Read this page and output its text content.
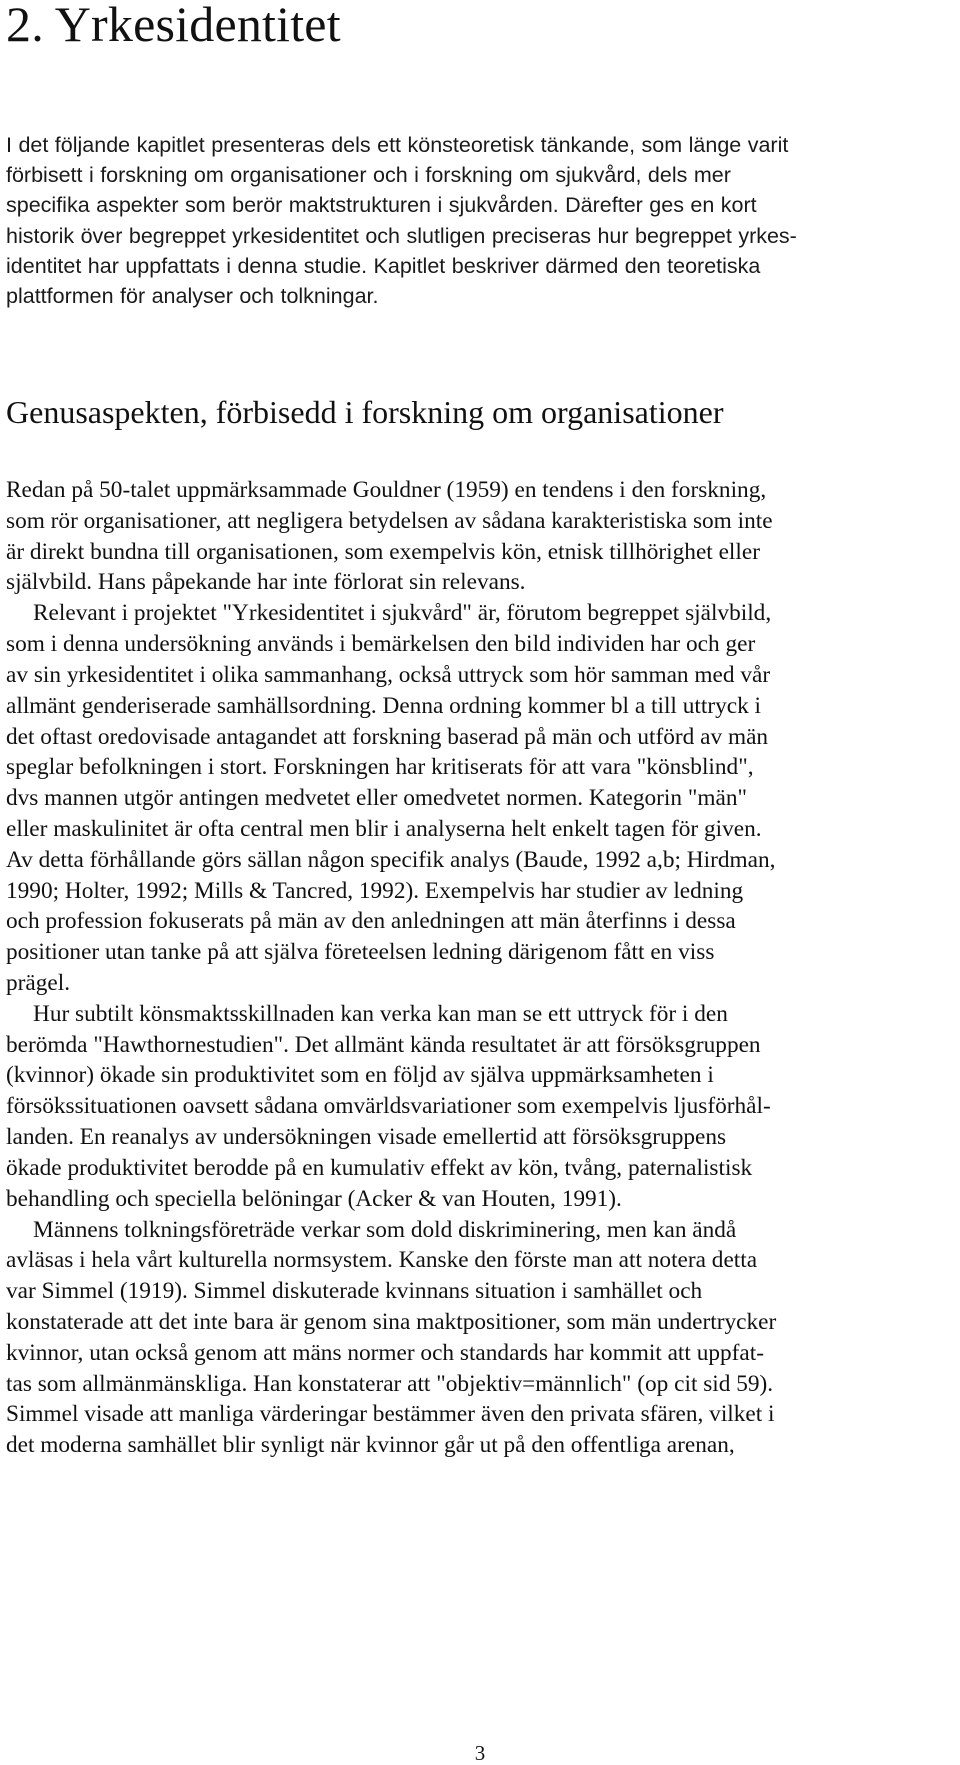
2. Yrkesidentitet

I det följande kapitlet presenteras dels ett könsteoretisk tänkande, som länge varit
förbisett i forskning om organisationer och i forskning om sjukvård, dels mer
specifika aspekter som berör maktstrukturen i sjukvården. Därefter ges en kort
historik över begreppet yrkesidentitet och slutligen preciseras hur begreppet yrkes-
identitet har uppfattats i denna studie. Kapitlet beskriver därmed den teoretiska
plattformen för analyser och tolkningar.

Genusaspekten, förbisedd i forskning om organisationer

Redan på 50-talet uppmärksammade Gouldner (1959) en tendens i den forskning,
som rör organisationer, att negligera betydelsen av sådana karakteristiska som inte
är direkt bundna till organisationen, som exempelvis kön, etnisk tillhörighet eller
självbild. Hans påpekande har inte förlorat sin relevans.

Relevant i projektet "Yrkesidentitet i sjukvård" är, förutom begreppet självbild,
som i denna undersökning används i bemärkelsen den bild individen har och ger
av sin yrkesidentitet i olika sammanhang, också uttryck som hör samman med vår
allmänt genderiserade samhällsordning. Denna ordning kommer bl a till uttryck i
det oftast oredovisade antagandet att forskning baserad på män och utförd av män
speglar befolkningen i stort. Forskningen har kritiserats för att vara "könsblind",
dvs mannen utgör antingen medvetet eller omedvetet normen. Kategorin "män"
eller maskulinitet är ofta central men blir i analyserna helt enkelt tagen för given.
Av detta förhållande görs sällan någon specifik analys (Baude, 1992 a,b; Hirdman,
1990; Holter, 1992; Mills & Tancred, 1992). Exempelvis har studier av ledning
och profession fokuserats på män av den anledningen att män återfinns i dessa
positioner utan tanke på att själva företeelsen ledning därigenom fått en viss
prägel.

Hur subtilt könsmaktsskillnaden kan verka kan man se ett uttryck för i den
berömda "Hawthornestudien". Det allmänt kända resultatet är att försöksgruppen
(kvinnor) ökade sin produktivitet som en följd av själva uppmärksamheten i
försökssituationen oavsett sådana omvärldsvariationer som exempelvis ljusförhål-
landen. En reanalys av undersökningen visade emellertid att försöksgruppens
ökade produktivitet berodde på en kumulativ effekt av kön, tvång, paternalistisk
behandling och speciella belöningar (Acker & van Houten, 1991).

Männens tolkningsföreträde verkar som dold diskriminering, men kan ändå
avläsas i hela vårt kulturella normsystem. Kanske den förste man att notera detta
var Simmel (1919). Simmel diskuterade kvinnans situation i samhället och
konstaterade att det inte bara är genom sina maktpositioner, som män undertrycker
kvinnor, utan också genom att mäns normer och standards har kommit att uppfat-
tas som allmänmänskliga. Han konstaterar att "objektiv=männlich" (op cit sid 59).
Simmel visade att manliga värderingar bestämmer även den privata sfären, vilket i
det moderna samhället blir synligt när kvinnor går ut på den offentliga arenan,

3
